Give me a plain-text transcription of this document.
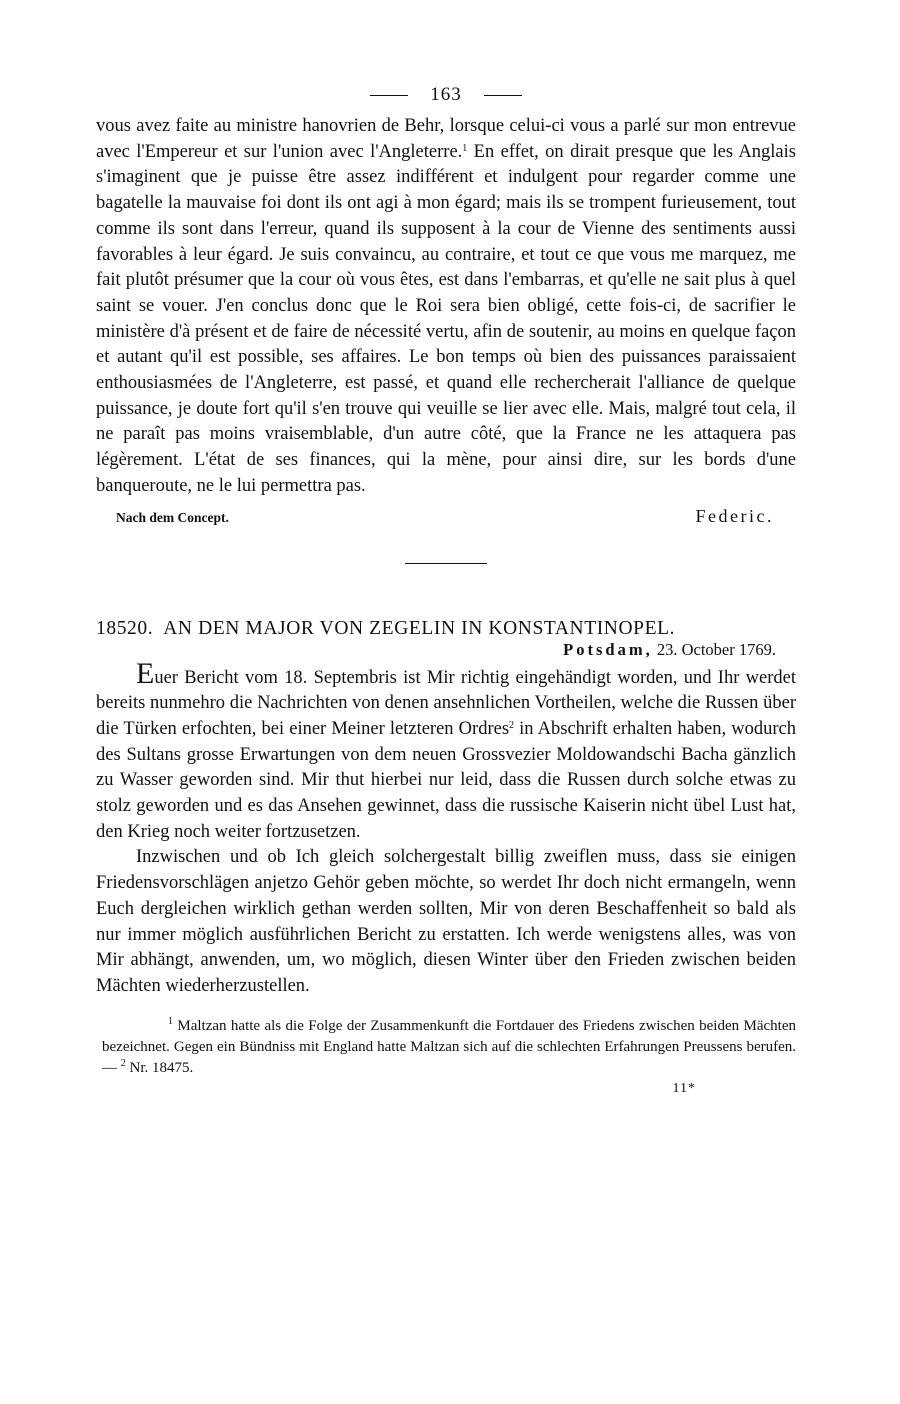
163

vous avez faite au ministre hanovrien de Behr, lorsque celui-ci vous a parlé sur mon entrevue avec l'Empereur et sur l'union avec l'Angleterre.$^1$ En effet, on dirait presque que les Anglais s'imaginent que je puisse être assez indifférent et indulgent pour regarder comme une bagatelle la mauvaise foi dont ils ont agi à mon égard; mais ils se trompent furieusement, tout comme ils sont dans l'erreur, quand ils supposent à la cour de Vienne des sentiments aussi favorables à leur égard. Je suis convaincu, au contraire, et tout ce que vous me marquez, me fait plutôt présumer que la cour où vous êtes, est dans l'embarras, et qu'elle ne sait plus à quel saint se vouer. J'en conclus donc que le Roi sera bien obligé, cette fois-ci, de sacrifier le ministère d'à présent et de faire de nécessité vertu, afin de soutenir, au moins en quelque façon et autant qu'il est possible, ses affaires. Le bon temps où bien des puissances paraissaient enthousiasmées de l'Angleterre, est passé, et quand elle rechercherait l'alliance de quelque puissance, je doute fort qu'il s'en trouve qui veuille se lier avec elle. Mais, malgré tout cela, il ne paraît pas moins vraisemblable, d'un autre côté, que la France ne les attaquera pas légèrement. L'état de ses finances, qui la mène, pour ainsi dire, sur les bords d'une banqueroute, ne le lui permettra pas.

Nach dem Concept.	Federic.

18520. AN DEN MAJOR VON ZEGELIN IN KONSTANTINOPEL.

Potsdam, 23. October 1769.

Euer Bericht vom 18. Septembris ist Mir richtig eingehändigt worden, und Ihr werdet bereits nunmehro die Nachrichten von denen ansehnlichen Vortheilen, welche die Russen über die Türken erfochten, bei einer Meiner letzteren Ordres$^2$ in Abschrift erhalten haben, wodurch des Sultans grosse Erwartungen von dem neuen Grossvezier Moldowandschi Bacha gänzlich zu Wasser geworden sind. Mir thut hierbei nur leid, dass die Russen durch solche etwas zu stolz geworden und es das Ansehen gewinnet, dass die russische Kaiserin nicht übel Lust hat, den Krieg noch weiter fortzusetzen.

Inzwischen und ob Ich gleich solchergestalt billig zweiflen muss, dass sie einigen Friedensvorschlägen anjetzo Gehör geben möchte, so werdet Ihr doch nicht ermangeln, wenn Euch dergleichen wirklich gethan werden sollten, Mir von deren Beschaffenheit so bald als nur immer möglich ausführlichen Bericht zu erstatten. Ich werde wenigstens alles, was von Mir abhängt, anwenden, um, wo möglich, diesen Winter über den Frieden zwischen beiden Mächten wiederherzustellen.

$^1$ Maltzan hatte als die Folge der Zusammenkunft die Fortdauer des Friedens zwischen beiden Mächten bezeichnet. Gegen ein Bündniss mit England hatte Maltzan sich auf die schlechten Erfahrungen Preussens berufen. — $^2$ Nr. 18475.
11*
